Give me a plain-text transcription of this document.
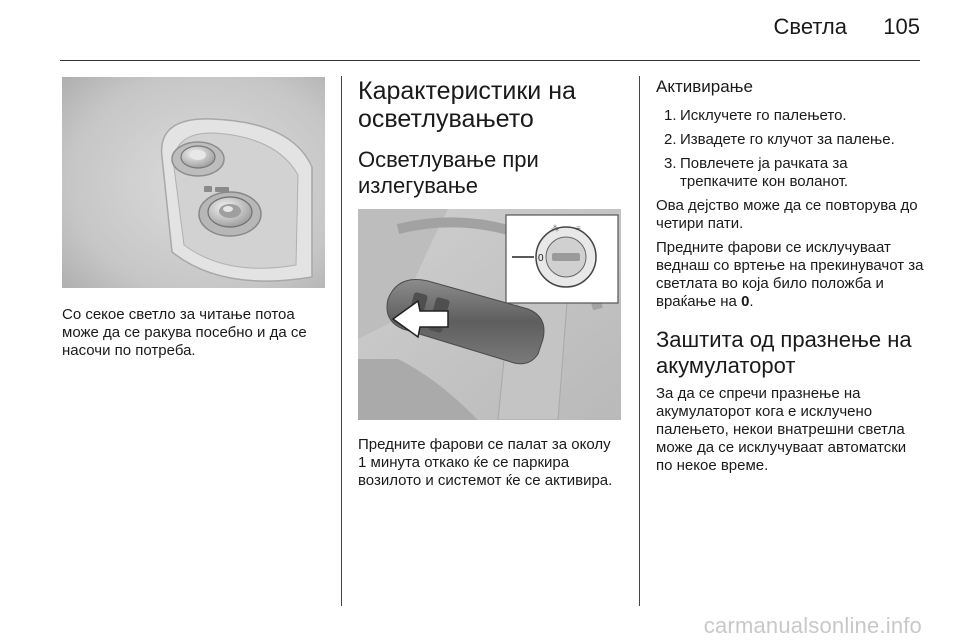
Светла 105

Со секое светло за читање потоа може да се ракува посебно и да се насочи по потреба.

Карактеристики на осветлувањето
Осветлување при излегување
0
⁂ ≡

Предните фарови се палат за околу 1 минута откако ќе се паркира возилото и системот ќе се активира.

Активирање
1. Исклучете го палењето.
2. Извадете го клучот за палење.
3. Повлечете ја рачката за трепкачите кон воланот.

Ова дејство може да се повторува до четири пати.

Предните фарови се исклучуваат веднаш со вртење на прекинувачот за светлата во која било положба и враќање на 0.

Заштита од празнење на акумулаторот

За да се спречи празнење на акумулаторот кога е исклучено палењето, некои внатрешни светла може да се исклучуваат автоматски по некое време.

carmanualsonline.info
